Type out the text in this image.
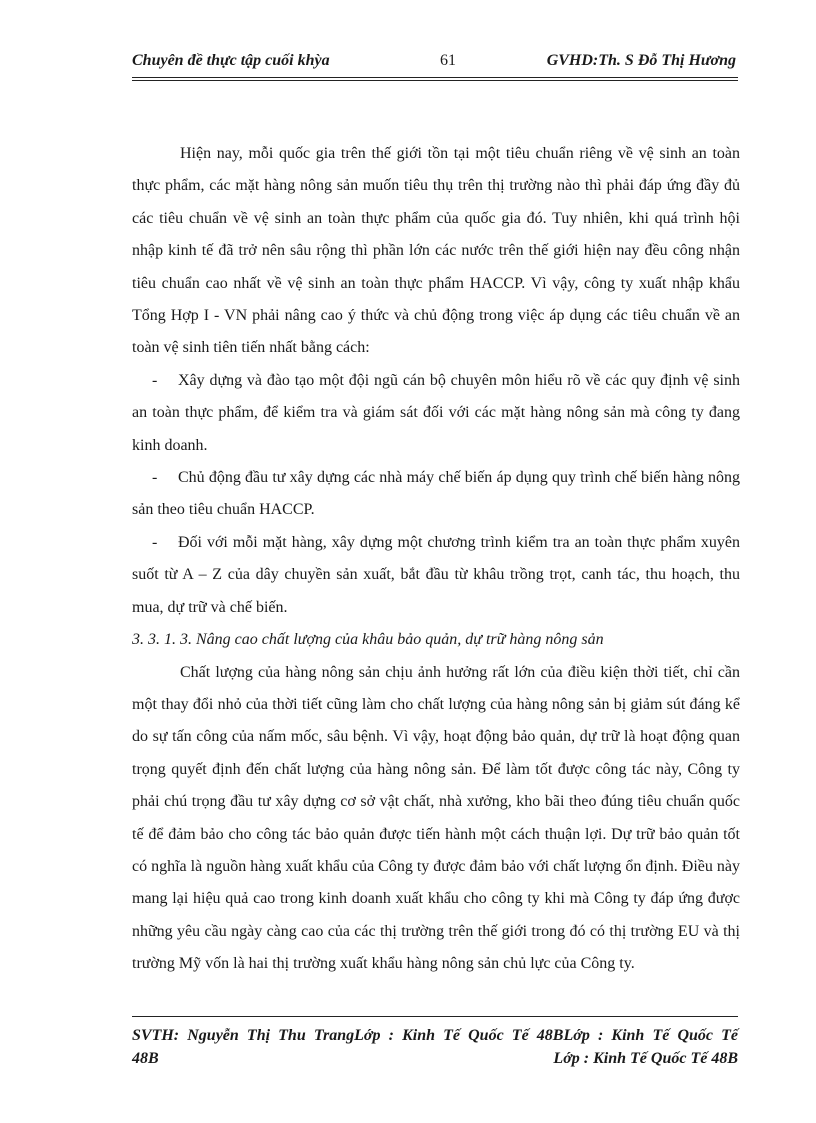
Chuyên đề thực tập cuối khỳa	61	GVHD:Th. S Đỗ Thị Hương

Hiện nay, mỗi quốc gia trên thế giới tồn tại một tiêu chuẩn riêng về vệ sinh an toàn thực phẩm, các mặt hàng nông sản muốn tiêu thụ trên thị trường nào thì phải đáp ứng đầy đủ các tiêu chuẩn về vệ sinh an toàn thực phẩm của quốc gia đó. Tuy nhiên, khi quá trình hội nhập kinh tế đã trở nên sâu rộng thì phần lớn các nước trên thế giới hiện nay đều công nhận tiêu chuẩn cao nhất về vệ sinh an toàn thực phẩm HACCP. Vì vậy, công ty xuất nhập khẩu Tổng Hợp I - VN phải nâng cao ý thức và chủ động trong việc áp dụng các tiêu chuẩn về an toàn vệ sinh tiên tiến nhất bằng cách:

- Xây dựng và đào tạo một đội ngũ cán bộ chuyên môn hiểu rõ về các quy định vệ sinh an toàn thực phẩm, để kiểm tra và giám sát đối với các mặt hàng nông sản mà công ty đang kinh doanh.

- Chủ động đầu tư xây dựng các nhà máy chế biến áp dụng quy trình chế biến hàng nông sản theo tiêu chuẩn HACCP.

- Đối với mỗi mặt hàng, xây dựng một chương trình kiểm tra an toàn thực phẩm xuyên suốt từ A – Z của dây chuyền sản xuất, bắt đầu từ khâu trồng trọt, canh tác, thu hoạch, thu mua, dự trữ và chế biến.

3. 3. 1. 3. Nâng cao chất lượng của khâu bảo quản, dự trữ hàng nông sản

Chất lượng của hàng nông sản chịu ảnh hưởng rất lớn của điều kiện thời tiết, chỉ cần một thay đổi nhỏ của thời tiết cũng làm cho chất lượng của hàng nông sản bị giảm sút đáng kể do sự tấn công của nấm mốc, sâu bệnh. Vì vậy, hoạt động bảo quản, dự trữ là hoạt động quan trọng quyết định đến chất lượng của hàng nông sản. Để làm tốt được công tác này, Công ty phải chú trọng đầu tư xây dựng cơ sở vật chất, nhà xưởng, kho bãi theo đúng tiêu chuẩn quốc tế để đảm bảo cho công tác bảo quản được tiến hành một cách thuận lợi. Dự trữ bảo quản tốt có nghĩa là nguồn hàng xuất khẩu của Công ty được đảm bảo với chất lượng ổn định. Điều này mang lại hiệu quả cao trong kinh doanh xuất khẩu cho công ty khi mà Công ty đáp ứng được những yêu cầu ngày càng cao của các thị trường trên thế giới trong đó có thị trường EU và thị trường Mỹ vốn là hai thị trường xuất khẩu hàng nông sản chủ lực của Công ty.

SVTH: Nguyễn Thị Thu TrangLớp : Kinh Tế Quốc Tế 48BLớp : Kinh Tế Quốc Tế
48B	Lớp : Kinh Tế Quốc Tế 48B
